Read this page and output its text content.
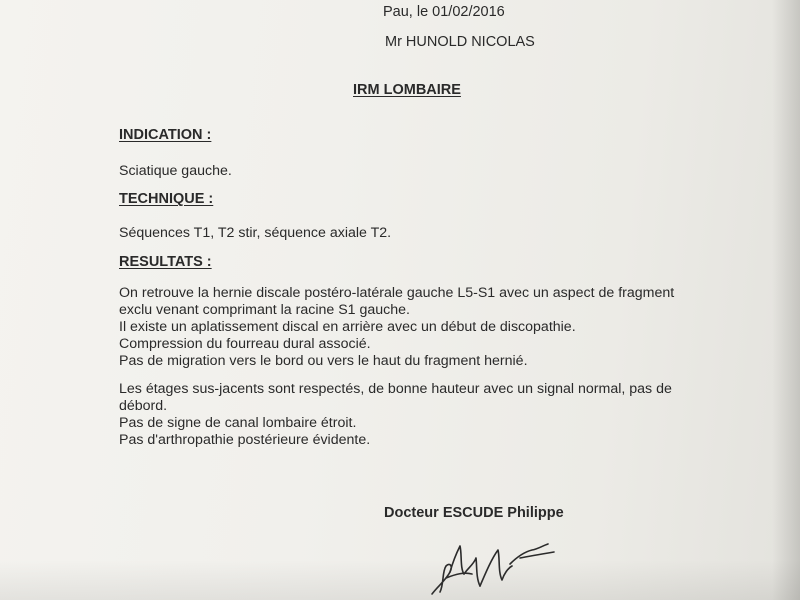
Pau, le 01/02/2016

Mr HUNOLD NICOLAS

IRM LOMBAIRE

INDICATION :

Sciatique gauche.

TECHNIQUE :

Séquences T1, T2 stir, séquence axiale T2.

RESULTATS :

On retrouve la hernie discale postéro-latérale gauche L5-S1 avec un aspect de fragment

exclu venant comprimant la racine S1 gauche.

Il existe un aplatissement discal en arrière avec un début de discopathie.

Compression du fourreau dural associé.

Pas de migration vers le bord ou vers le haut du fragment hernié.

Les étages sus-jacents sont respectés, de bonne hauteur avec un signal normal, pas de

débord.

Pas de signe de canal lombaire étroit.

Pas d'arthropathie postérieure évidente.

Docteur ESCUDE Philippe
